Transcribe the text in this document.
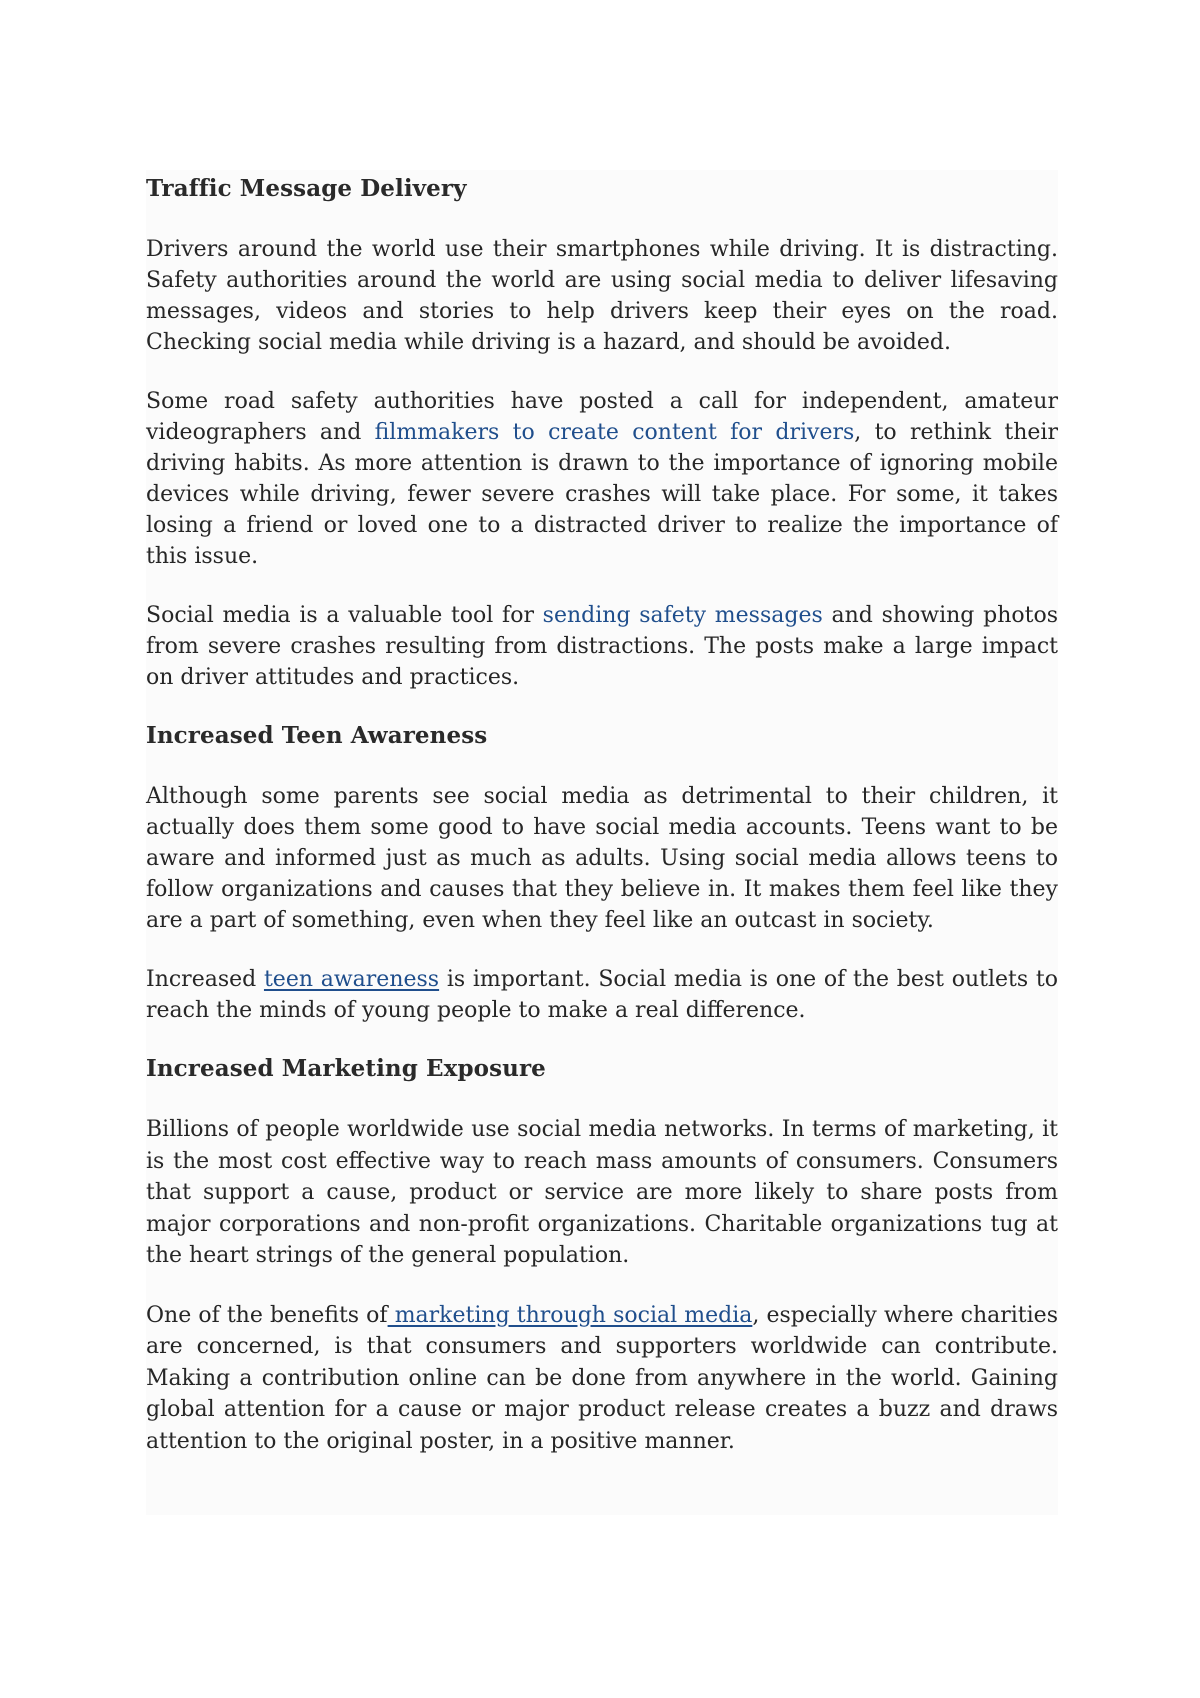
Traffic Message Delivery

Drivers around the world use their smartphones while driving. It is distracting. Safety authorities around the world are using social media to deliver lifesaving messages, videos and stories to help drivers keep their eyes on the road. Checking social media while driving is a hazard, and should be avoided.

Some road safety authorities have posted a call for independent, amateur videographers and filmmakers to create content for drivers, to rethink their driving habits. As more attention is drawn to the importance of ignoring mobile devices while driving, fewer severe crashes will take place. For some, it takes losing a friend or loved one to a distracted driver to realize the importance of this issue.

Social media is a valuable tool for sending safety messages and showing photos from severe crashes resulting from distractions. The posts make a large impact on driver attitudes and practices.

Increased Teen Awareness

Although some parents see social media as detrimental to their children, it actually does them some good to have social media accounts. Teens want to be aware and informed just as much as adults. Using social media allows teens to follow organizations and causes that they believe in. It makes them feel like they are a part of something, even when they feel like an outcast in society.

Increased teen awareness is important. Social media is one of the best outlets to reach the minds of young people to make a real difference.

Increased Marketing Exposure

Billions of people worldwide use social media networks. In terms of marketing, it is the most cost effective way to reach mass amounts of consumers. Consumers that support a cause, product or service are more likely to share posts from major corporations and non-profit organizations. Charitable organizations tug at the heart strings of the general population.

One of the benefits of marketing through social media, especially where charities are concerned, is that consumers and supporters worldwide can contribute. Making a contribution online can be done from anywhere in the world. Gaining global attention for a cause or major product release creates a buzz and draws attention to the original poster, in a positive manner.
